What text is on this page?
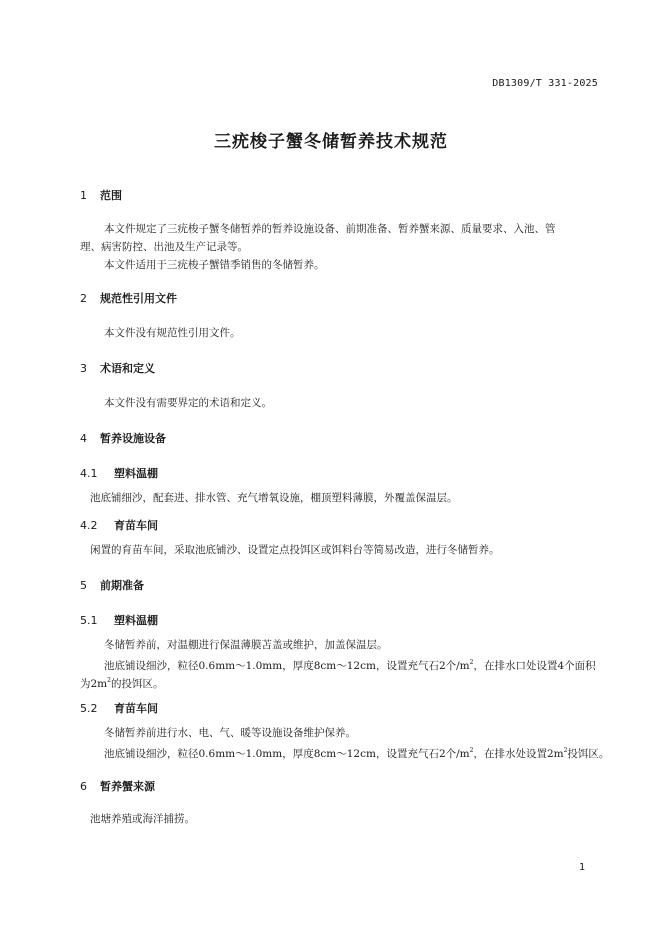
DB1309/T 331-2025
三疣梭子蟹冬储暂养技术规范
1 范围
本文件规定了三疣梭子蟹冬储暂养的暂养设施设备、前期准备、暂养蟹来源、质量要求、入池、管
理、病害防控、出池及生产记录等。
本文件适用于三疣梭子蟹错季销售的冬储暂养。
2 规范性引用文件
本文件没有规范性引用文件。
3 术语和定义
本文件没有需要界定的术语和定义。
4 暂养设施设备
4.1 塑料温棚
池底铺细沙，配套进、排水管、充气增氧设施，棚顶塑料薄膜，外覆盖保温层。
4.2 育苗车间
闲置的育苗车间，采取池底铺沙、设置定点投饵区或饵料台等简易改造，进行冬储暂养。
5 前期准备
5.1 塑料温棚
冬储暂养前，对温棚进行保温薄膜苫盖或维护，加盖保温层。
池底铺设细沙，粒径0.6mm～1.0mm，厚度8cm～12cm，设置充气石2个$/m^2$，在排水口处设置4个面积
为$2m^2$的投饵区。
5.2 育苗车间
冬储暂养前进行水、电、气、暖等设施设备维护保养。
池底铺设细沙，粒径0.6mm～1.0mm，厚度8cm～12cm，设置充气石2个$/m^2$，在排水处设置$2m^2$投饵区。
6 暂养蟹来源
池塘养殖或海洋捕捞。
1
